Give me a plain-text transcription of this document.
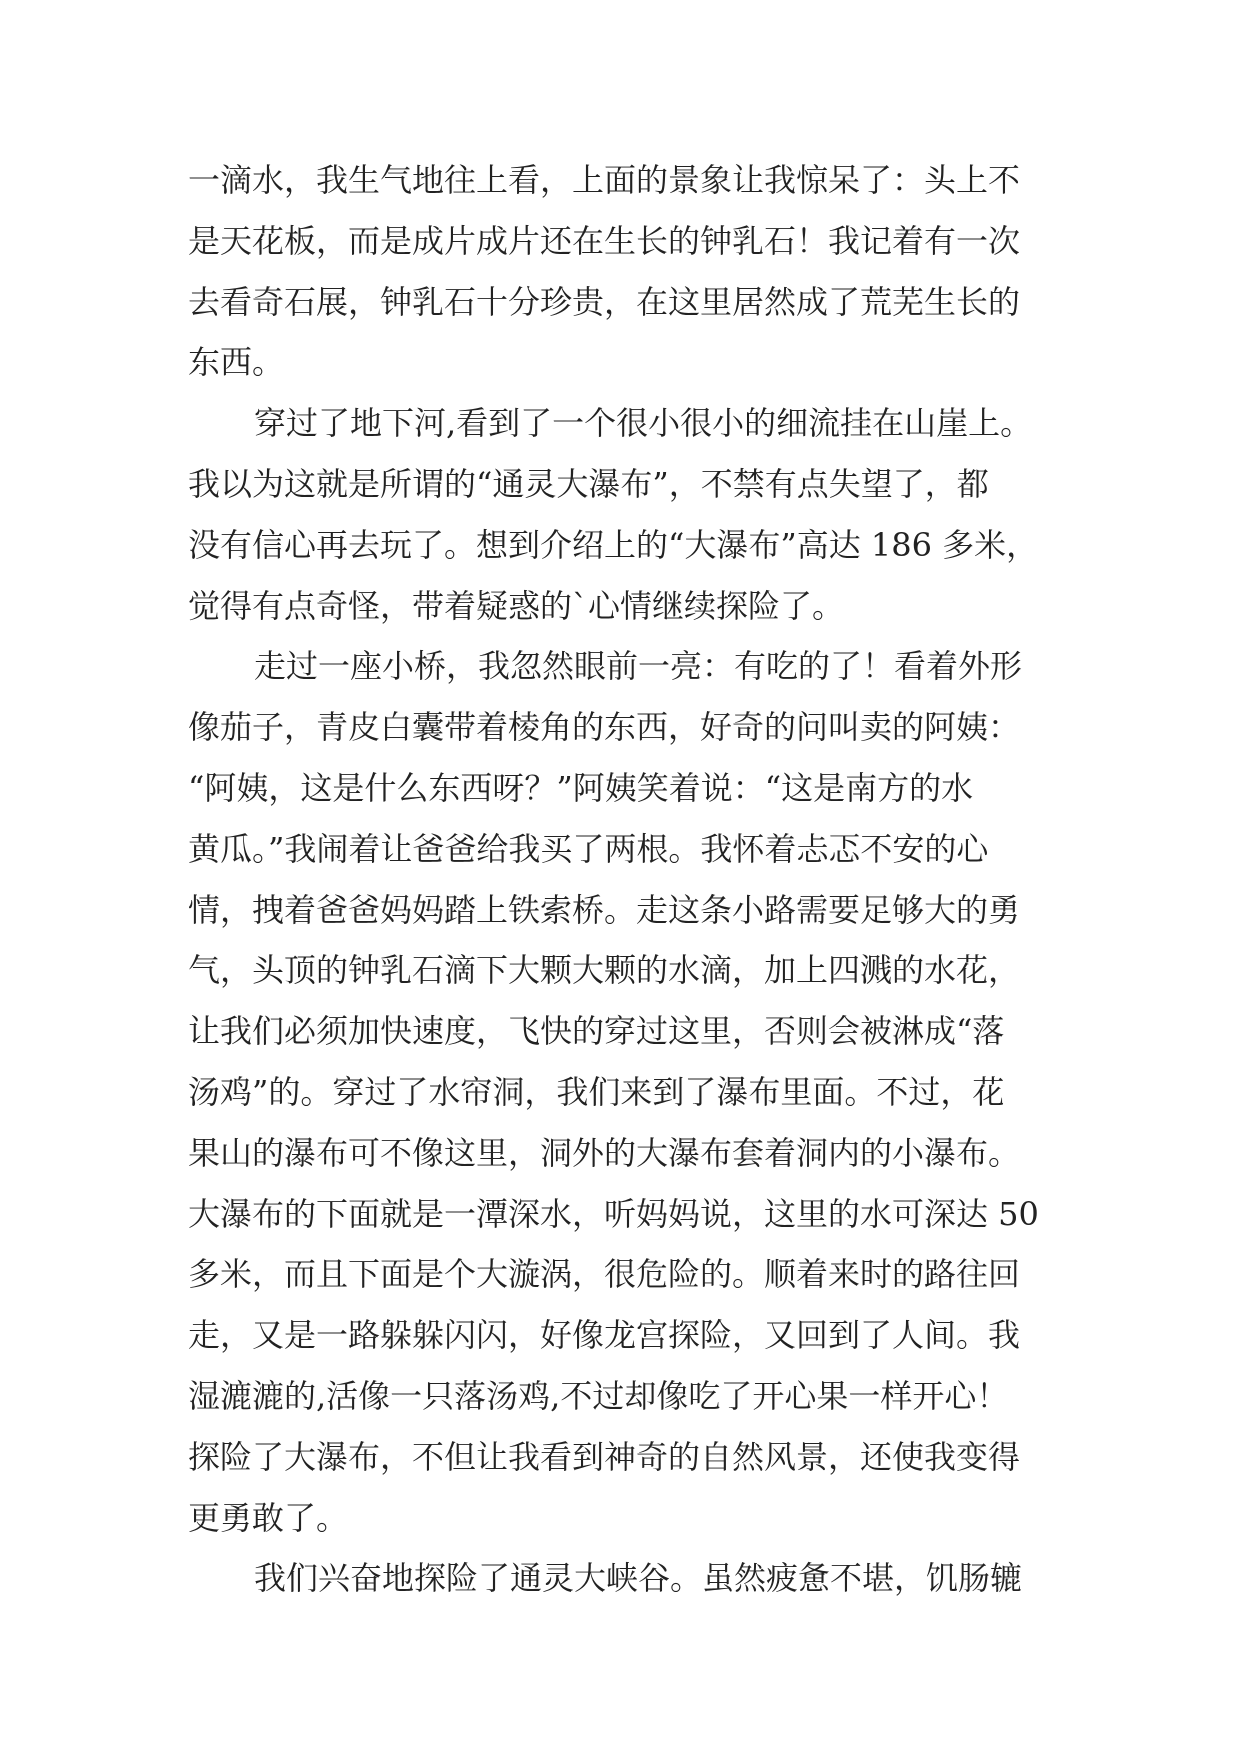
一滴水，我生气地往上看，上面的景象让我惊呆了：头上不
是天花板，而是成片成片还在生长的钟乳石！我记着有一次
去看奇石展，钟乳石十分珍贵，在这里居然成了荒芜生长的
东西。
穿过了地下河,看到了一个很小很小的细流挂在山崖上。
我以为这就是所谓的“通灵大瀑布”，不禁有点失望了，都
没有信心再去玩了。想到介绍上的“大瀑布”高达 186 多米，
觉得有点奇怪，带着疑惑的`心情继续探险了。
走过一座小桥，我忽然眼前一亮：有吃的了！看着外形
像茄子，青皮白囊带着棱角的东西，好奇的问叫卖的阿姨：
“阿姨，这是什么东西呀？”阿姨笑着说：“这是南方的水
黄瓜。”我闹着让爸爸给我买了两根。我怀着忐忑不安的心
情，拽着爸爸妈妈踏上铁索桥。走这条小路需要足够大的勇
气，头顶的钟乳石滴下大颗大颗的水滴，加上四溅的水花，
让我们必须加快速度，飞快的穿过这里，否则会被淋成“落
汤鸡”的。穿过了水帘洞，我们来到了瀑布里面。不过，花
果山的瀑布可不像这里，洞外的大瀑布套着洞内的小瀑布。
大瀑布的下面就是一潭深水，听妈妈说，这里的水可深达 50
多米，而且下面是个大漩涡，很危险的。顺着来时的路往回
走，又是一路躲躲闪闪，好像龙宫探险，又回到了人间。我
湿漉漉的,活像一只落汤鸡,不过却像吃了开心果一样开心！
探险了大瀑布，不但让我看到神奇的自然风景，还使我变得
更勇敢了。
我们兴奋地探险了通灵大峡谷。虽然疲惫不堪，饥肠辘
